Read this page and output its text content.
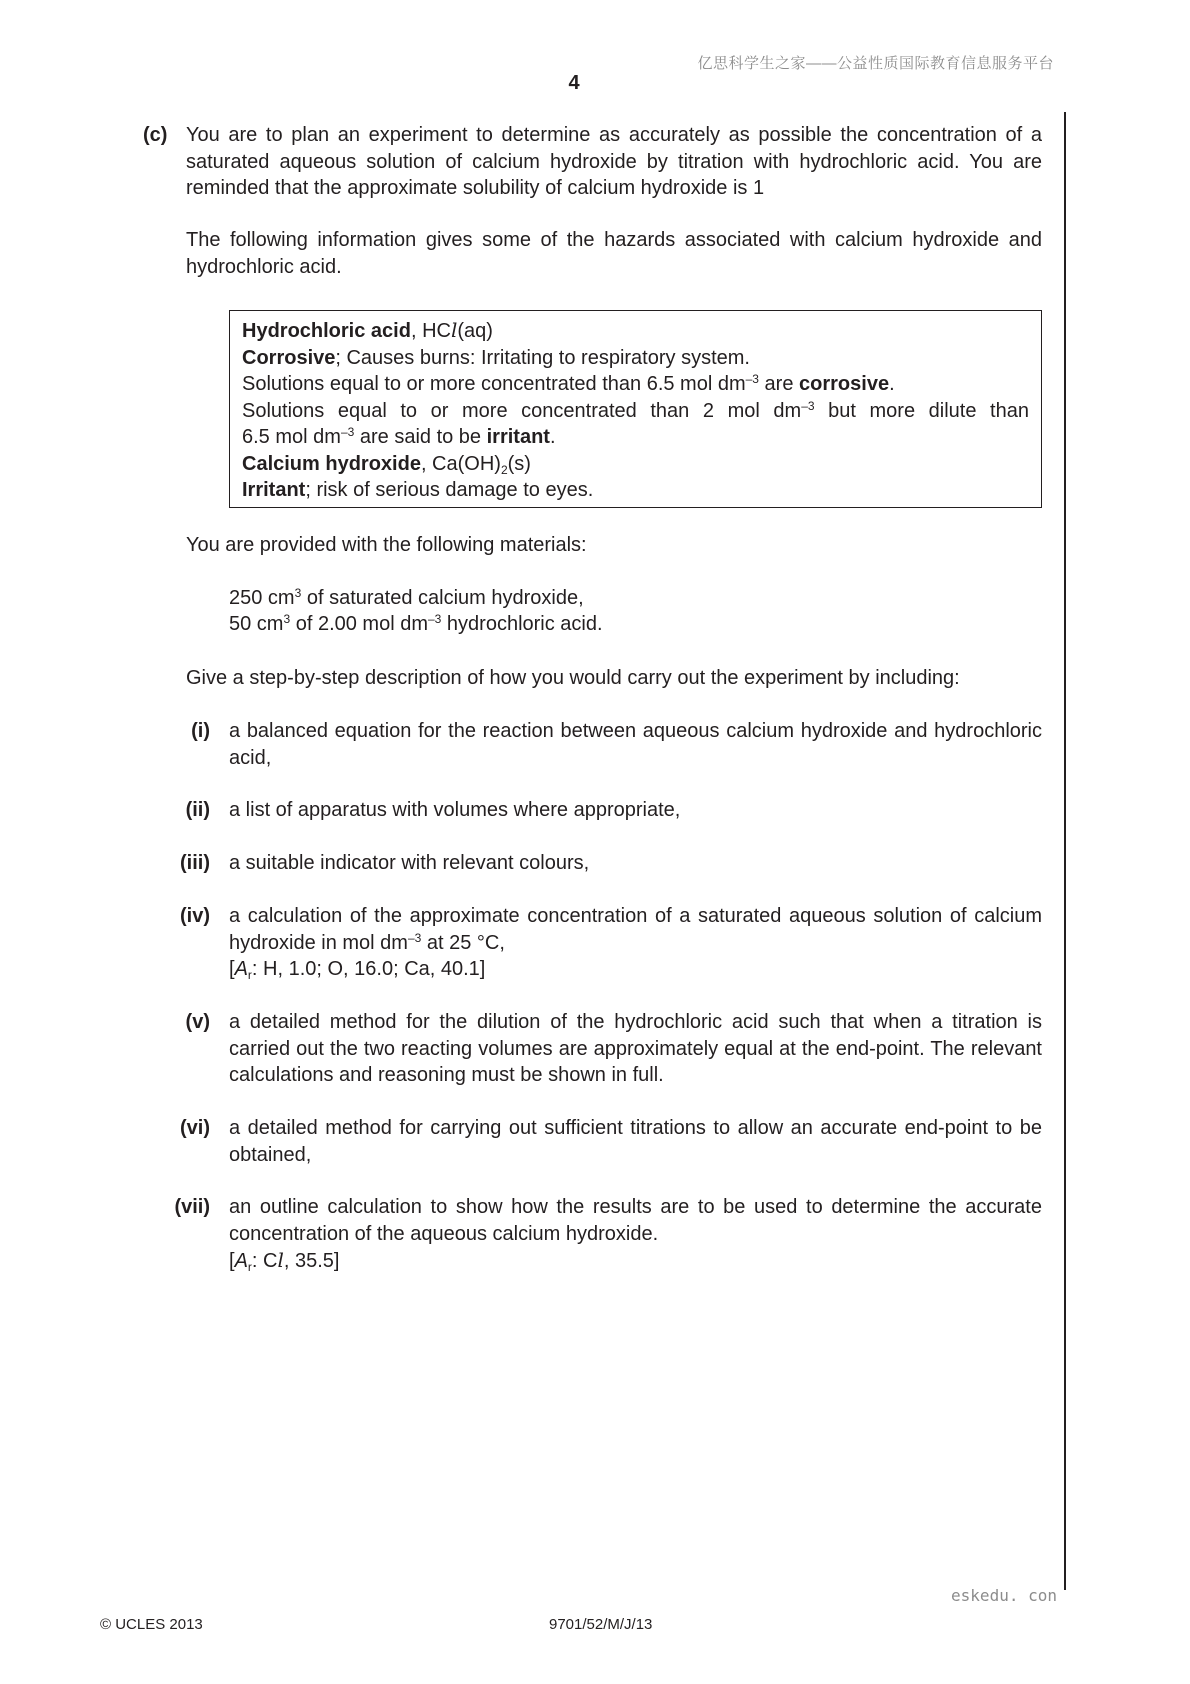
亿思科学生之家——公益性质国际教育信息服务平台
4
(c) You are to plan an experiment to determine as accurately as possible the concentration of a saturated aqueous solution of calcium hydroxide by titration with hydrochloric acid. You are reminded that the approximate solubility of calcium hydroxide is 1
The following information gives some of the hazards associated with calcium hydroxide and hydrochloric acid.
Hydrochloric acid, HCl(aq)
Corrosive; Causes burns: Irritating to respiratory system.
Solutions equal to or more concentrated than 6.5 mol $dm^{-3}$ are corrosive.
Solutions equal to or more concentrated than 2 mol $dm^{-3}$ but more dilute than
6.5 mol $dm^{-3}$ are said to be irritant.
Calcium hydroxide, $Ca(OH)_2(s)$
Irritant; risk of serious damage to eyes.
You are provided with the following materials:
250 $cm^3$ of saturated calcium hydroxide,
50 $cm^3$ of 2.00 mol $dm^{-3}$ hydrochloric acid.
Give a step-by-step description of how you would carry out the experiment by including:
(i) a balanced equation for the reaction between aqueous calcium hydroxide and hydrochloric acid,
(ii) a list of apparatus with volumes where appropriate,
(iii) a suitable indicator with relevant colours,
(iv) a calculation of the approximate concentration of a saturated aqueous solution of calcium hydroxide in mol $dm^{-3}$ at 25 °C,
[$A_r$: H, 1.0; O, 16.0; Ca, 40.1]
(v) a detailed method for the dilution of the hydrochloric acid such that when a titration is carried out the two reacting volumes are approximately equal at the end-point. The relevant calculations and reasoning must be shown in full.
(vi) a detailed method for carrying out sufficient titrations to allow an accurate end-point to be obtained,
(vii) an outline calculation to show how the results are to be used to determine the accurate concentration of the aqueous calcium hydroxide.
[$A_r$: Cl, 35.5]
eskedu. con
© UCLES 2013	9701/52/M/J/13
